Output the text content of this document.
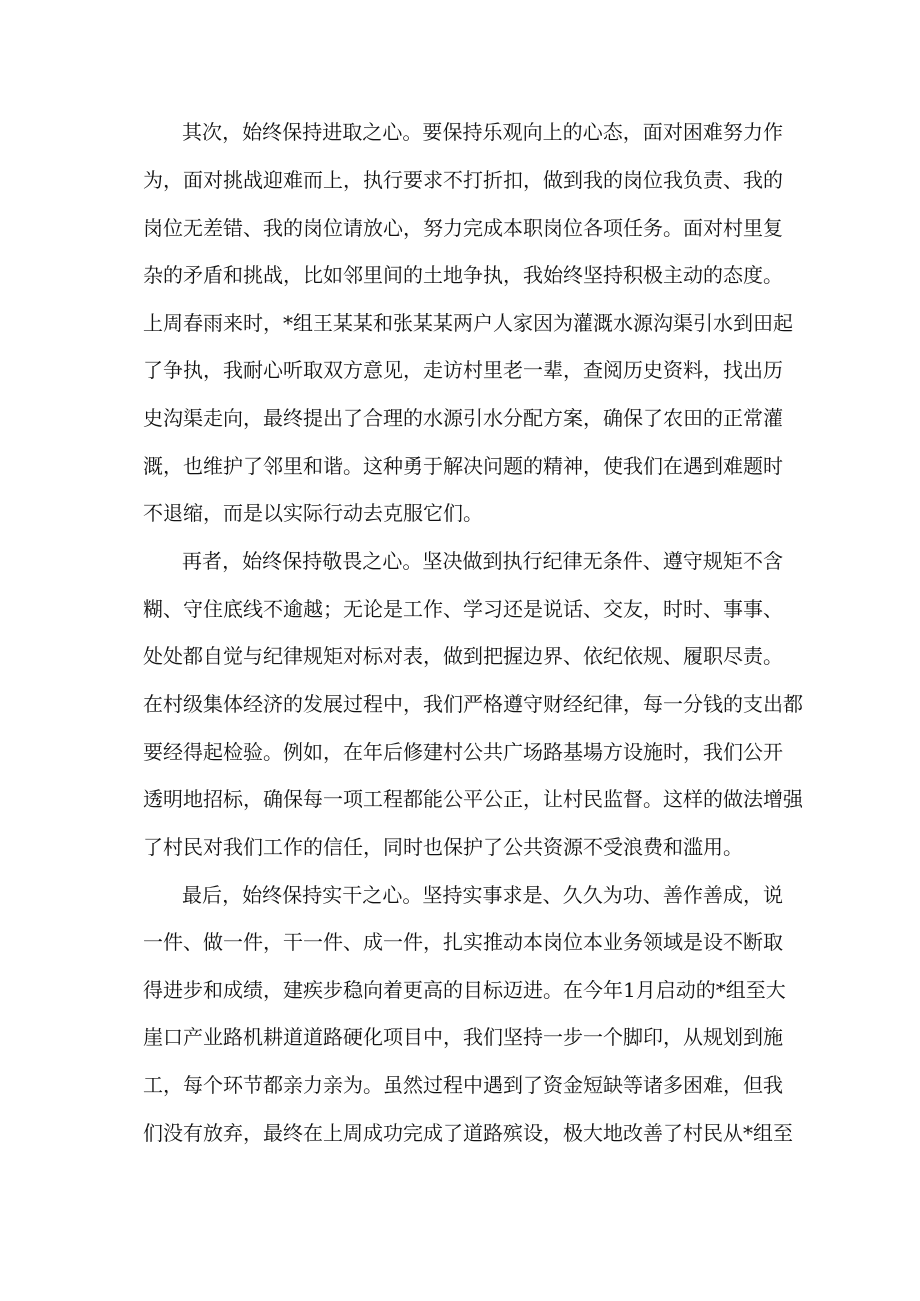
其次，始终保持进取之心。要保持乐观向上的心态，面对困难努力作
为，面对挑战迎难而上，执行要求不打折扣，做到我的岗位我负责、我的
岗位无差错、我的岗位请放心，努力完成本职岗位各项任务。面对村里复
杂的矛盾和挑战，比如邻里间的土地争执，我始终坚持积极主动的态度。
上周春雨来时，*组王某某和张某某两户人家因为灌溉水源沟渠引水到田起
了争执，我耐心听取双方意见，走访村里老一辈，查阅历史资料，找出历
史沟渠走向，最终提出了合理的水源引水分配方案，确保了农田的正常灌
溉，也维护了邻里和谐。这种勇于解决问题的精神，使我们在遇到难题时
不退缩，而是以实际行动去克服它们。
再者，始终保持敬畏之心。坚决做到执行纪律无条件、遵守规矩不含
糊、守住底线不逾越；无论是工作、学习还是说话、交友，时时、事事、
处处都自觉与纪律规矩对标对表，做到把握边界、依纪依规、履职尽责。
在村级集体经济的发展过程中，我们严格遵守财经纪律，每一分钱的支出都
要经得起检验。例如，在年后修建村公共广场路基場方设施时，我们公开
透明地招标，确保每一项工程都能公平公正，让村民监督。这样的做法增强
了村民对我们工作的信任，同时也保护了公共资源不受浪费和滥用。
最后，始终保持实干之心。坚持实事求是、久久为功、善作善成，说
一件、做一件，干一件、成一件，扎实推动本岗位本业务领域是设不断取
得进步和成绩，建疾步稳向着更高的目标迈进。在今年1月启动的*组至大
崖口产业路机耕道道路硬化项目中，我们坚持一步一个脚印，从规划到施
工，每个环节都亲力亲为。虽然过程中遇到了资金短缺等诸多困难，但我
们没有放弃，最终在上周成功完成了道路殡设，极大地改善了村民从*组至
